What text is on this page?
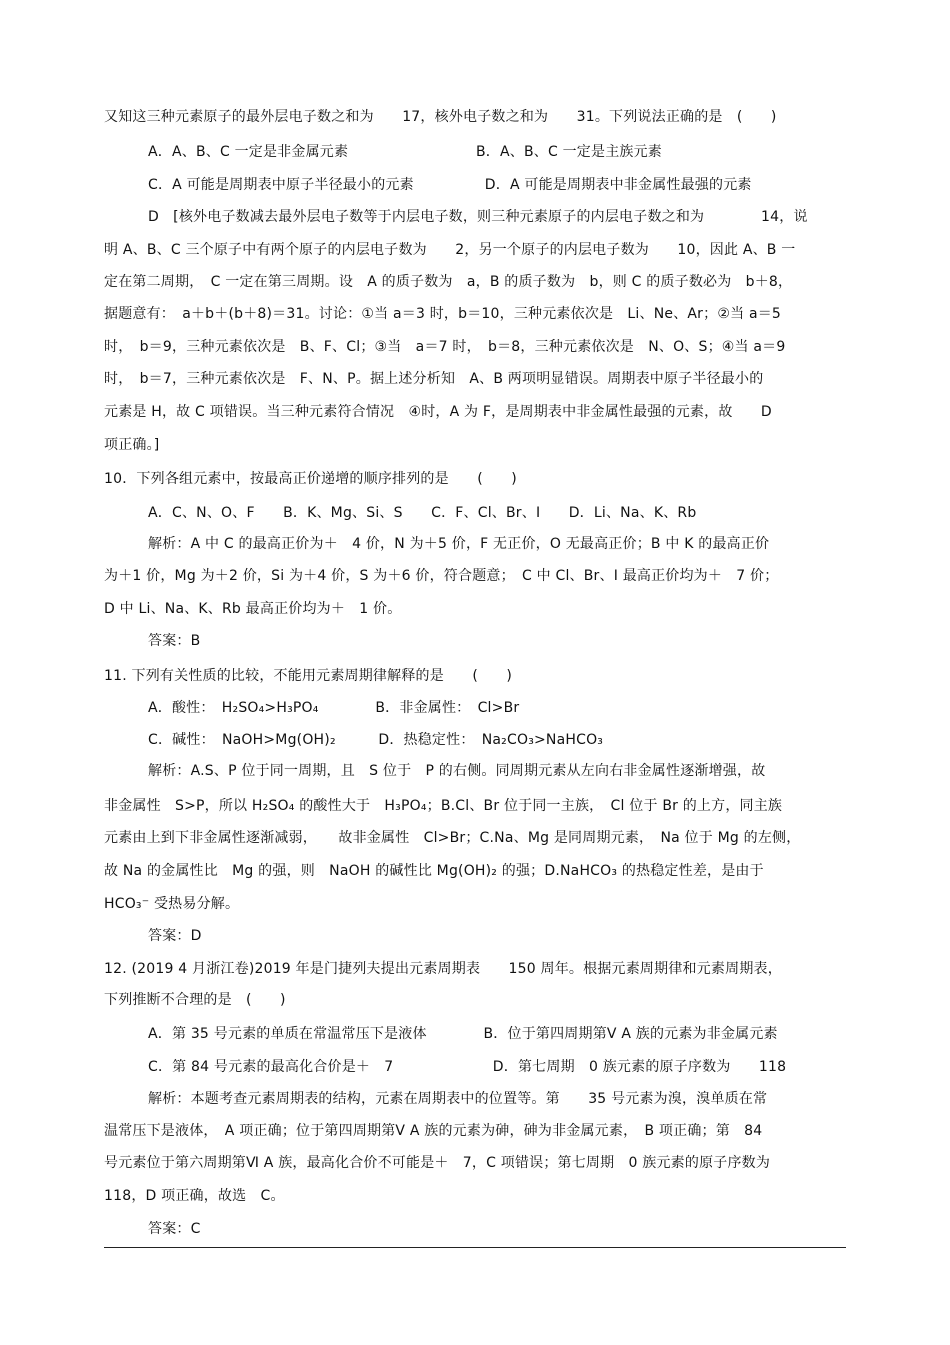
又知这三种元素原子的最外层电子数之和为　　17，核外电子数之和为　　31。下列说法正确的是　(　　)
A．A、B、C 一定是非金属元素　　　　　　　　　B．A、B、C 一定是主族元素
C．A 可能是周期表中原子半径最小的元素　　　　　D．A 可能是周期表中非金属性最强的元素
D　[核外电子数减去最外层电子数等于内层电子数，则三种元素原子的内层电子数之和为　　　　14，说
明 A、B、C 三个原子中有两个原子的内层电子数为　　2，另一个原子的内层电子数为　　10，因此 A、B 一
定在第二周期，　C 一定在第三周期。设　A 的质子数为　a，B 的质子数为　b，则 C 的质子数必为　b＋8，
据题意有：　a＋b＋(b＋8)＝31。讨论：①当 a＝3 时，b＝10，三种元素依次是　Li、Ne、Ar；②当 a＝5
时，　b＝9，三种元素依次是　B、F、Cl；③当　a＝7 时，　b＝8，三种元素依次是　N、O、S；④当 a＝9
时，　b＝7，三种元素依次是　F、N、P。据上述分析知　A、B 两项明显错误。周期表中原子半径最小的
元素是 H，故 C 项错误。当三种元素符合情况　④时，A 为 F，是周期表中非金属性最强的元素，故　　D
项正确。]
10．下列各组元素中，按最高正价递增的顺序排列的是　　(　　)
A．C、N、O、F　　B．K、Mg、Si、S　　C．F、Cl、Br、I　　D．Li、Na、K、Rb
解析：A 中 C 的最高正价为＋　4 价，N 为＋5 价，F 无正价，O 无最高正价；B 中 K 的最高正价
为＋1 价，Mg 为＋2 价，Si 为＋4 价，S 为＋6 价，符合题意；　C 中 Cl、Br、I 最高正价均为＋　7 价；
D 中 Li、Na、K、Rb 最高正价均为＋　1 价。
答案：B
11. 下列有关性质的比较，不能用元素周期律解释的是　　(　　)
A．酸性：　H₂SO₄>H₃PO₄　　　　B．非金属性：　Cl>Br
C．碱性：　NaOH>Mg(OH)₂　　　D．热稳定性：　Na₂CO₃>NaHCO₃
解析：A.S、P 位于同一周期，且　S 位于　P 的右侧。同周期元素从左向右非金属性逐渐增强，故
非金属性　S>P，所以 H₂SO₄ 的酸性大于　H₃PO₄；B.Cl、Br 位于同一主族，　Cl 位于 Br 的上方，同主族
元素由上到下非金属性逐渐减弱，　　故非金属性　Cl>Br；C.Na、Mg 是同周期元素，　Na 位于 Mg 的左侧，
故 Na 的金属性比　Mg 的强，则　NaOH 的碱性比 Mg(OH)₂ 的强；D.NaHCO₃ 的热稳定性差，是由于
HCO₃⁻ 受热易分解。
答案：D
12. (2019 4 月浙江卷)2019 年是门捷列夫提出元素周期表　　150 周年。根据元素周期律和元素周期表，
下列推断不合理的是　(　　)
A．第 35 号元素的单质在常温常压下是液体　　　　B．位于第四周期第Ⅴ A 族的元素为非金属元素
C．第 84 号元素的最高化合价是＋　7　　　　　　　D．第七周期　0 族元素的原子序数为　　118
解析：本题考查元素周期表的结构，元素在周期表中的位置等。第　　35 号元素为溴，溴单质在常
温常压下是液体，　A 项正确；位于第四周期第Ⅴ A 族的元素为砷，砷为非金属元素，　B 项正确；第　84
号元素位于第六周期第Ⅵ A 族，最高化合价不可能是＋　7，C 项错误；第七周期　0 族元素的原子序数为
118，D 项正确，故选　C。
答案：C
